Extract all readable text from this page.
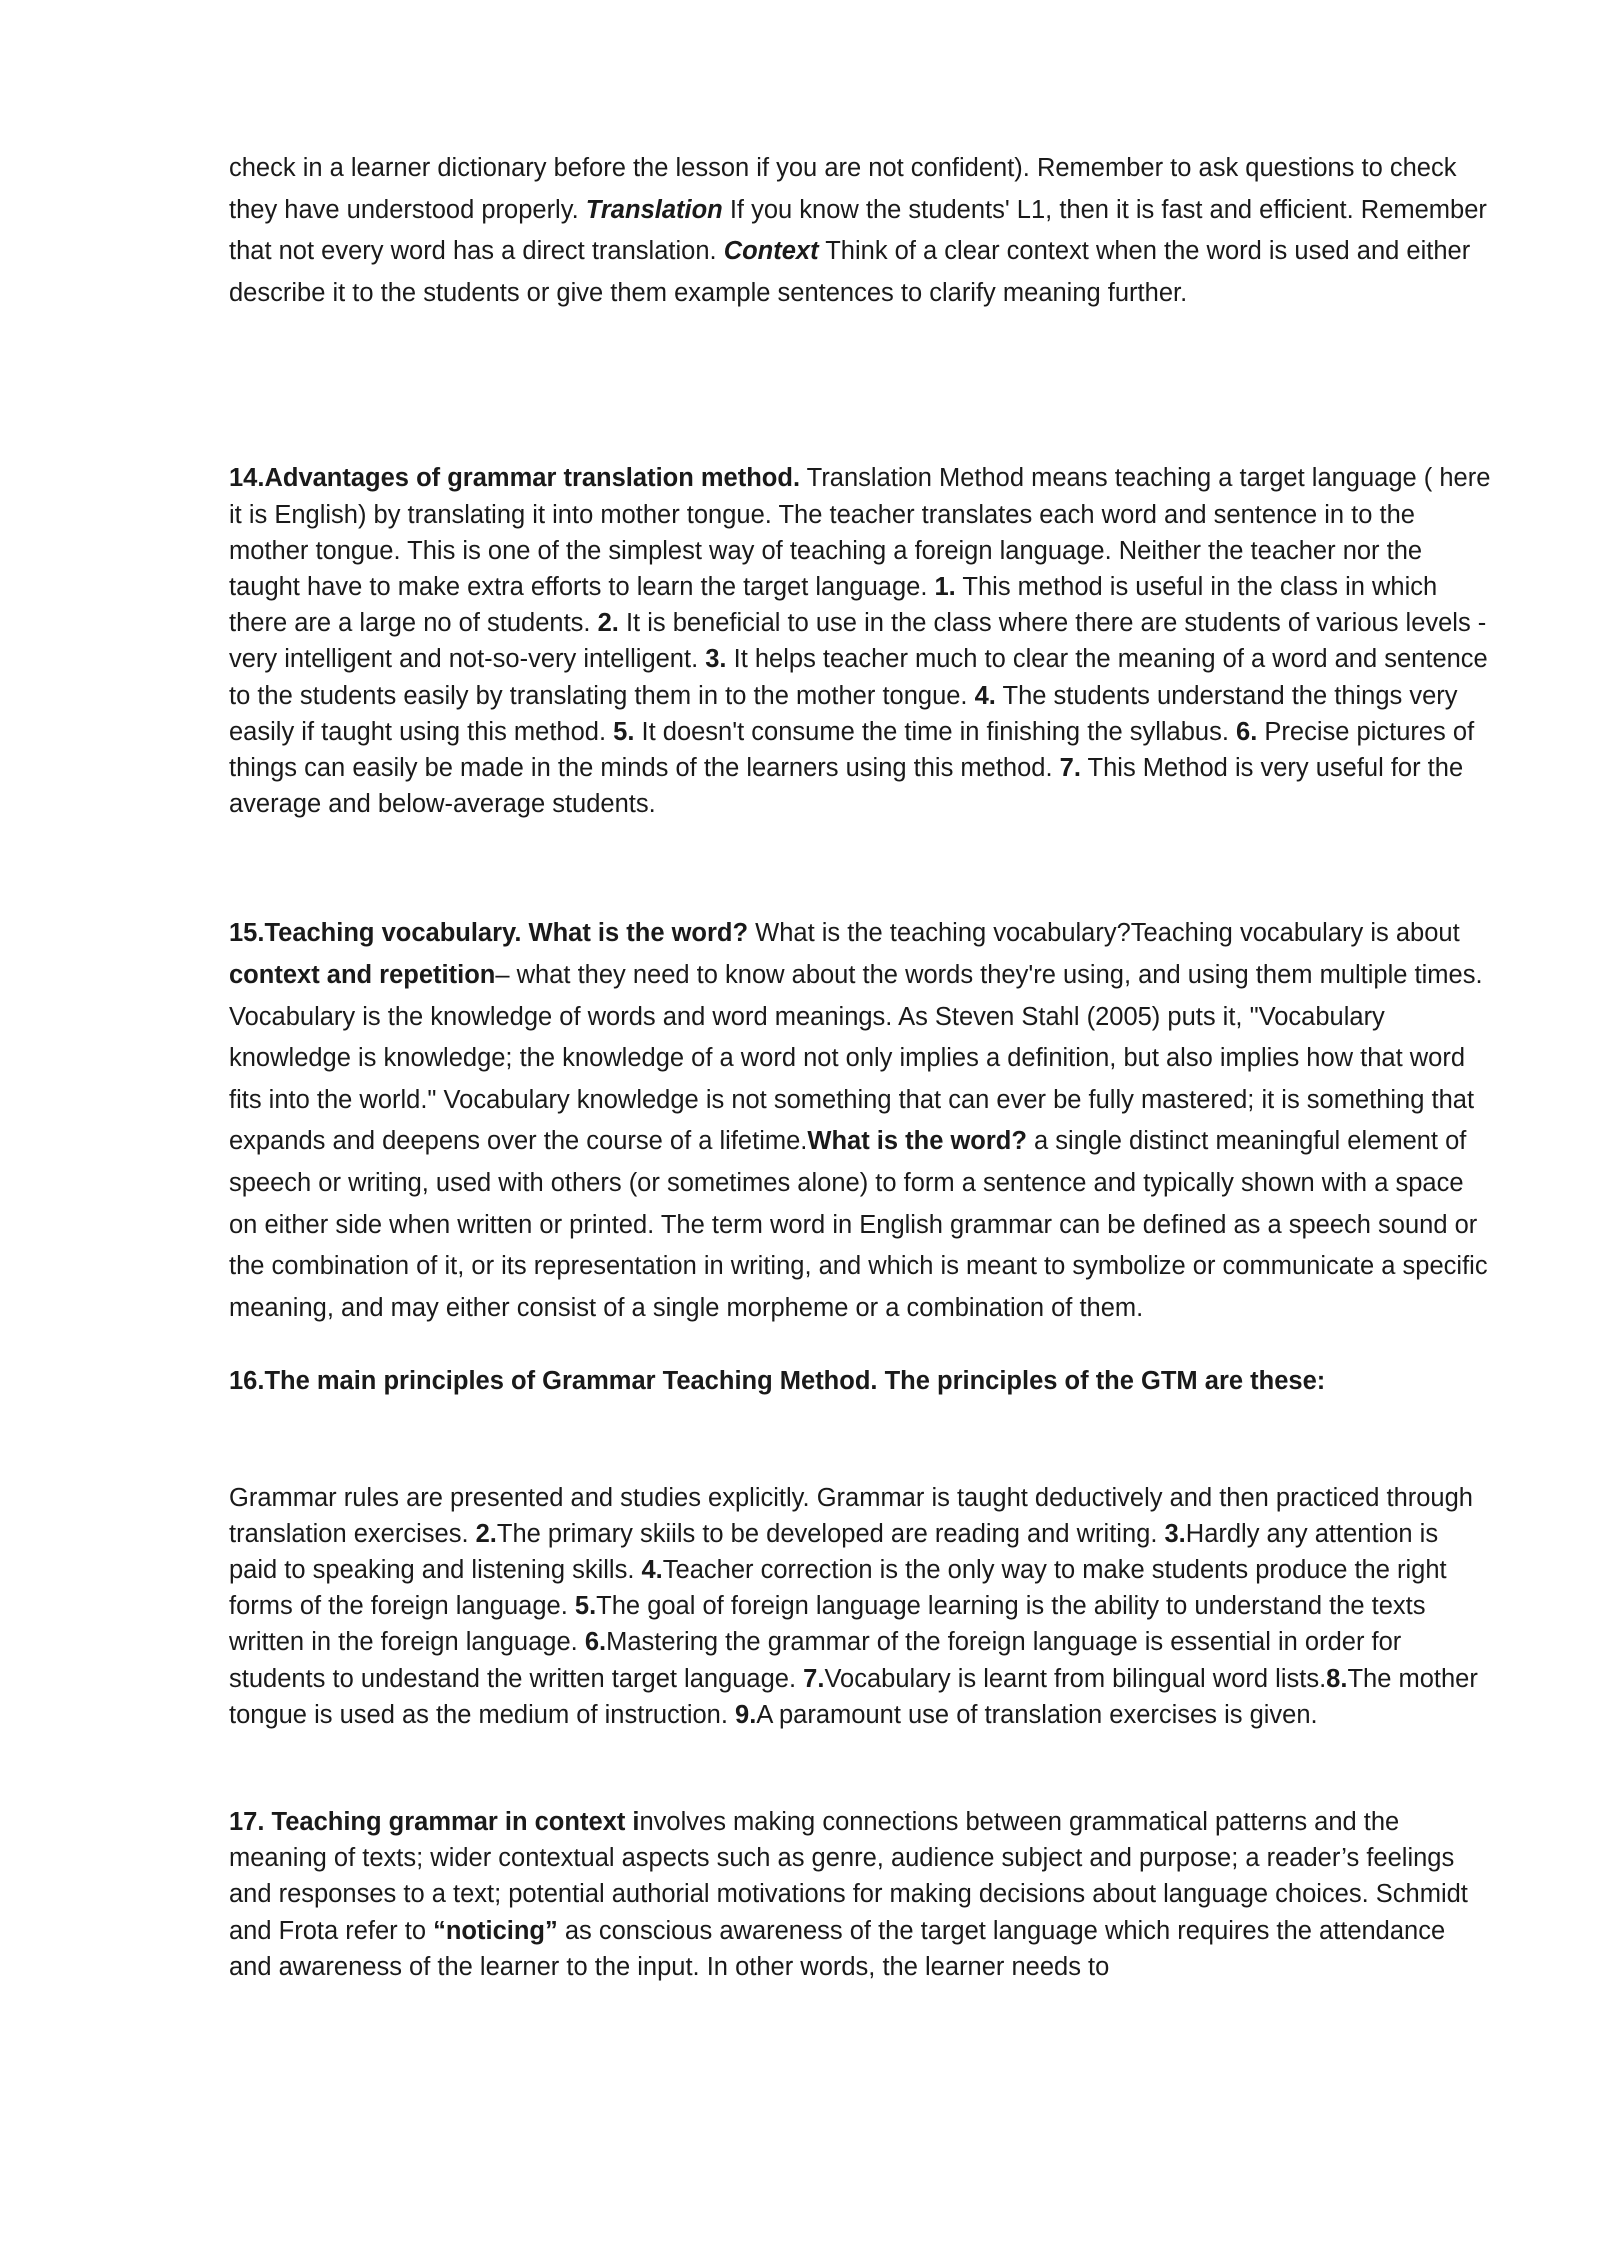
check in a learner dictionary before the lesson if you are not confident). Remember to ask questions to check they have understood properly. Translation If you know the students' L1, then it is fast and efficient. Remember that not every word has a direct translation. Context Think of a clear context when the word is used and either describe it to the students or give them example sentences to clarify meaning further.

14.Advantages of grammar translation method. Translation Method means teaching a target language ( here it is English) by translating it into mother tongue. The teacher translates each word and sentence in to the mother tongue. This is one of the simplest way of teaching a foreign language. Neither the teacher nor the taught have to make extra efforts to learn the target language. 1. This method is useful in the class in which there are a large no of students. 2. It is beneficial to use in the class where there are students of various levels - very intelligent and not-so-very intelligent. 3. It helps teacher much to clear the meaning of a word and sentence to the students easily by translating them in to the mother tongue. 4. The students understand the things very easily if taught using this method. 5. It doesn't consume the time in finishing the syllabus. 6. Precise pictures of things can easily be made in the minds of the learners using this method. 7. This Method is very useful for the average and below-average students.

15.Teaching vocabulary. What is the word? What is the teaching vocabulary?Teaching vocabulary is about context and repetition– what they need to know about the words they're using, and using them multiple times. Vocabulary is the knowledge of words and word meanings. As Steven Stahl (2005) puts it, "Vocabulary knowledge is knowledge; the knowledge of a word not only implies a definition, but also implies how that word fits into the world." Vocabulary knowledge is not something that can ever be fully mastered; it is something that expands and deepens over the course of a lifetime.What is the word? a single distinct meaningful element of speech or writing, used with others (or sometimes alone) to form a sentence and typically shown with a space on either side when written or printed. The term word in English grammar can be defined as a speech sound or the combination of it, or its representation in writing, and which is meant to symbolize or communicate a specific meaning, and may either consist of a single morpheme or a combination of them.

16.The main principles of Grammar Teaching Method. The principles of the GTM are these:

Grammar rules are presented and studies explicitly. Grammar is taught deductively and then practiced through translation exercises. 2.The primary skiils to be developed are reading and writing. 3.Hardly any attention is paid to speaking and listening skills. 4.Teacher correction is the only way to make students produce the right forms of the foreign language. 5.The goal of foreign language learning is the ability to understand the texts written in the foreign language. 6.Mastering the grammar of the foreign language is essential in order for students to undestand the written target language. 7.Vocabulary is learnt from bilingual word lists.8.The mother tongue is used as the medium of instruction. 9.A paramount use of translation exercises is given.

17. Teaching grammar in context involves making connections between grammatical patterns and the meaning of texts; wider contextual aspects such as genre, audience subject and purpose; a reader’s feelings and responses to a text; potential authorial motivations for making decisions about language choices. Schmidt and Frota refer to “noticing” as conscious awareness of the target language which requires the attendance and awareness of the learner to the input. In other words, the learner needs to
